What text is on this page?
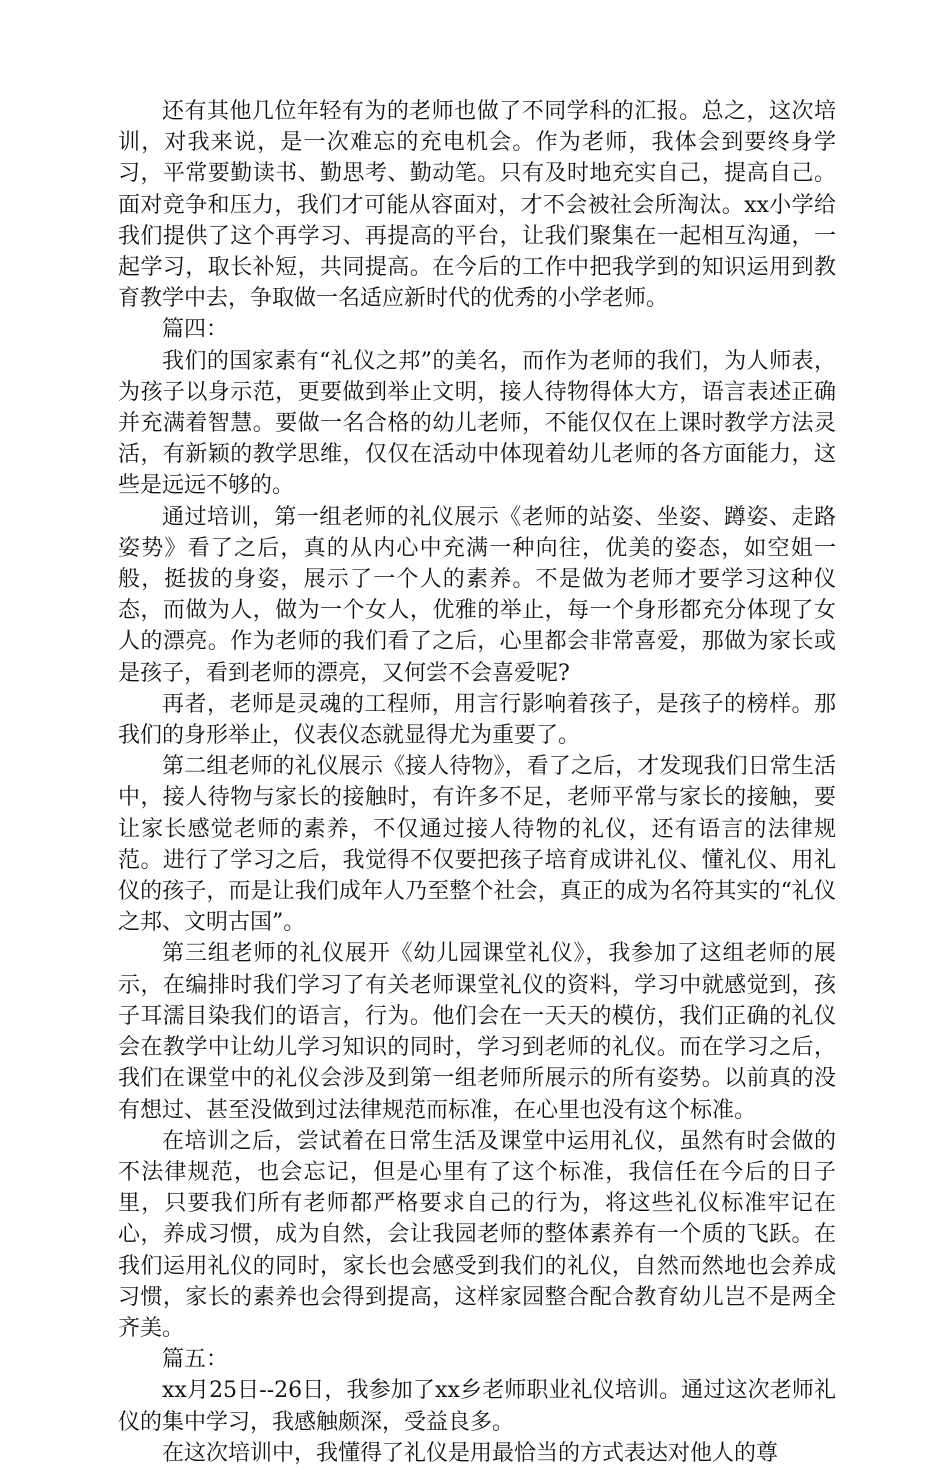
还有其他几位年轻有为的老师也做了不同学科的汇报。总之，这次培训，对我来说，是一次难忘的充电机会。作为老师，我体会到要终身学习，平常要勤读书、勤思考、勤动笔。只有及时地充实自己，提高自己。面对竞争和压力，我们才可能从容面对，才不会被社会所淘汰。xx小学给我们提供了这个再学习、再提高的平台，让我们聚集在一起相互沟通，一起学习，取长补短，共同提高。在今后的工作中把我学到的知识运用到教育教学中去，争取做一名适应新时代的优秀的小学老师。

篇四：

我们的国家素有“礼仪之邦”的美名，而作为老师的我们，为人师表，为孩子以身示范，更要做到举止文明，接人待物得体大方，语言表述正确并充满着智慧。要做一名合格的幼儿老师，不能仅仅在上课时教学方法灵活，有新颖的教学思维，仅仅在活动中体现着幼儿老师的各方面能力，这些是远远不够的。

通过培训，第一组老师的礼仪展示《老师的站姿、坐姿、蹲姿、走路姿势》看了之后，真的从内心中充满一种向往，优美的姿态，如空姐一般，挺拔的身姿，展示了一个人的素养。不是做为老师才要学习这种仪态，而做为人，做为一个女人，优雅的举止，每一个身形都充分体现了女人的漂亮。作为老师的我们看了之后，心里都会非常喜爱，那做为家长或是孩子，看到老师的漂亮，又何尝不会喜爱呢?

再者，老师是灵魂的工程师，用言行影响着孩子，是孩子的榜样。那我们的身形举止，仪表仪态就显得尤为重要了。

第二组老师的礼仪展示《接人待物》，看了之后，才发现我们日常生活中，接人待物与家长的接触时，有许多不足，老师平常与家长的接触，要让家长感觉老师的素养，不仅通过接人待物的礼仪，还有语言的法律规范。进行了学习之后，我觉得不仅要把孩子培育成讲礼仪、懂礼仪、用礼仪的孩子，而是让我们成年人乃至整个社会，真正的成为名符其实的“礼仪之邦、文明古国”。

第三组老师的礼仪展开《幼儿园课堂礼仪》，我参加了这组老师的展示，在编排时我们学习了有关老师课堂礼仪的资料，学习中就感觉到，孩子耳濡目染我们的语言，行为。他们会在一天天的模仿，我们正确的礼仪会在教学中让幼儿学习知识的同时，学习到老师的礼仪。而在学习之后，我们在课堂中的礼仪会涉及到第一组老师所展示的所有姿势。以前真的没有想过、甚至没做到过法律规范而标准，在心里也没有这个标准。

在培训之后，尝试着在日常生活及课堂中运用礼仪，虽然有时会做的不法律规范，也会忘记，但是心里有了这个标准，我信任在今后的日子里，只要我们所有老师都严格要求自己的行为，将这些礼仪标准牢记在心，养成习惯，成为自然，会让我园老师的整体素养有一个质的飞跃。在我们运用礼仪的同时，家长也会感受到我们的礼仪，自然而然地也会养成习惯，家长的素养也会得到提高，这样家园整合配合教育幼儿岂不是两全齐美。

篇五：

xx月25日--26日，我参加了xx乡老师职业礼仪培训。通过这次老师礼仪的集中学习，我感触颇深，受益良多。

在这次培训中，我懂得了礼仪是用最恰当的方式表达对他人的尊
